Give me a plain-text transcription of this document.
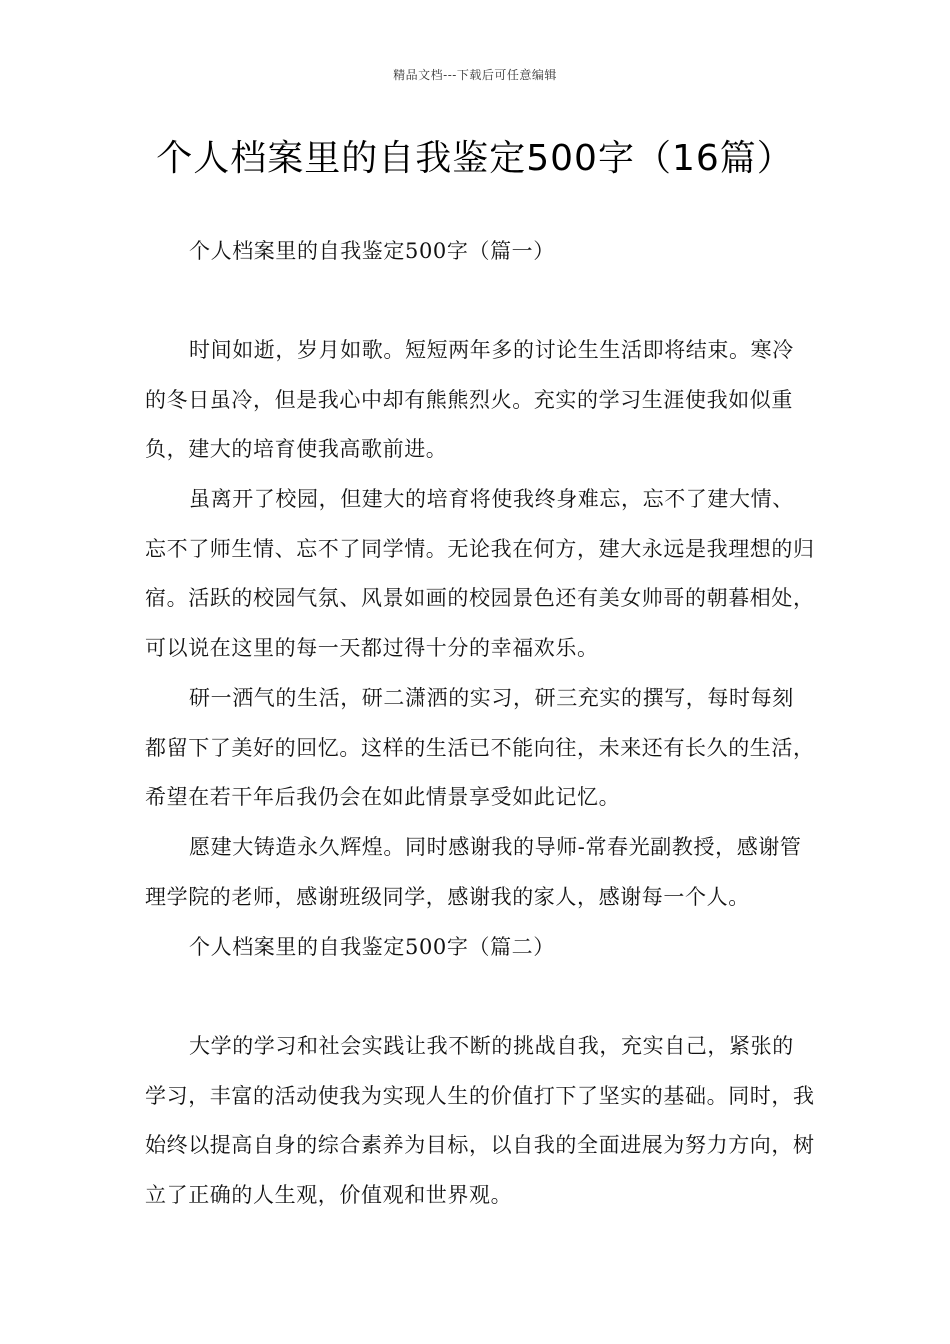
精品文档---下载后可任意编辑
个人档案里的自我鉴定500字（16篇）

个人档案里的自我鉴定500字（篇一）

时间如逝，岁月如歌。短短两年多的讨论生生活即将结束。寒冷的冬日虽冷，但是我心中却有熊熊烈火。充实的学习生涯使我如似重负，建大的培育使我高歌前进。

虽离开了校园，但建大的培育将使我终身难忘，忘不了建大情、忘不了师生情、忘不了同学情。无论我在何方，建大永远是我理想的归宿。活跃的校园气氛、风景如画的校园景色还有美女帅哥的朝暮相处，可以说在这里的每一天都过得十分的幸福欢乐。

研一洒气的生活，研二潇洒的实习，研三充实的撰写，每时每刻都留下了美好的回忆。这样的生活已不能向往，未来还有长久的生活，希望在若干年后我仍会在如此情景享受如此记忆。

愿建大铸造永久辉煌。同时感谢我的导师-常春光副教授，感谢管理学院的老师，感谢班级同学，感谢我的家人，感谢每一个人。

个人档案里的自我鉴定500字（篇二）

大学的学习和社会实践让我不断的挑战自我，充实自己，紧张的学习，丰富的活动使我为实现人生的价值打下了坚实的基础。同时，我始终以提高自身的综合素养为目标，以自我的全面进展为努力方向，树立了正确的人生观，价值观和世界观。
